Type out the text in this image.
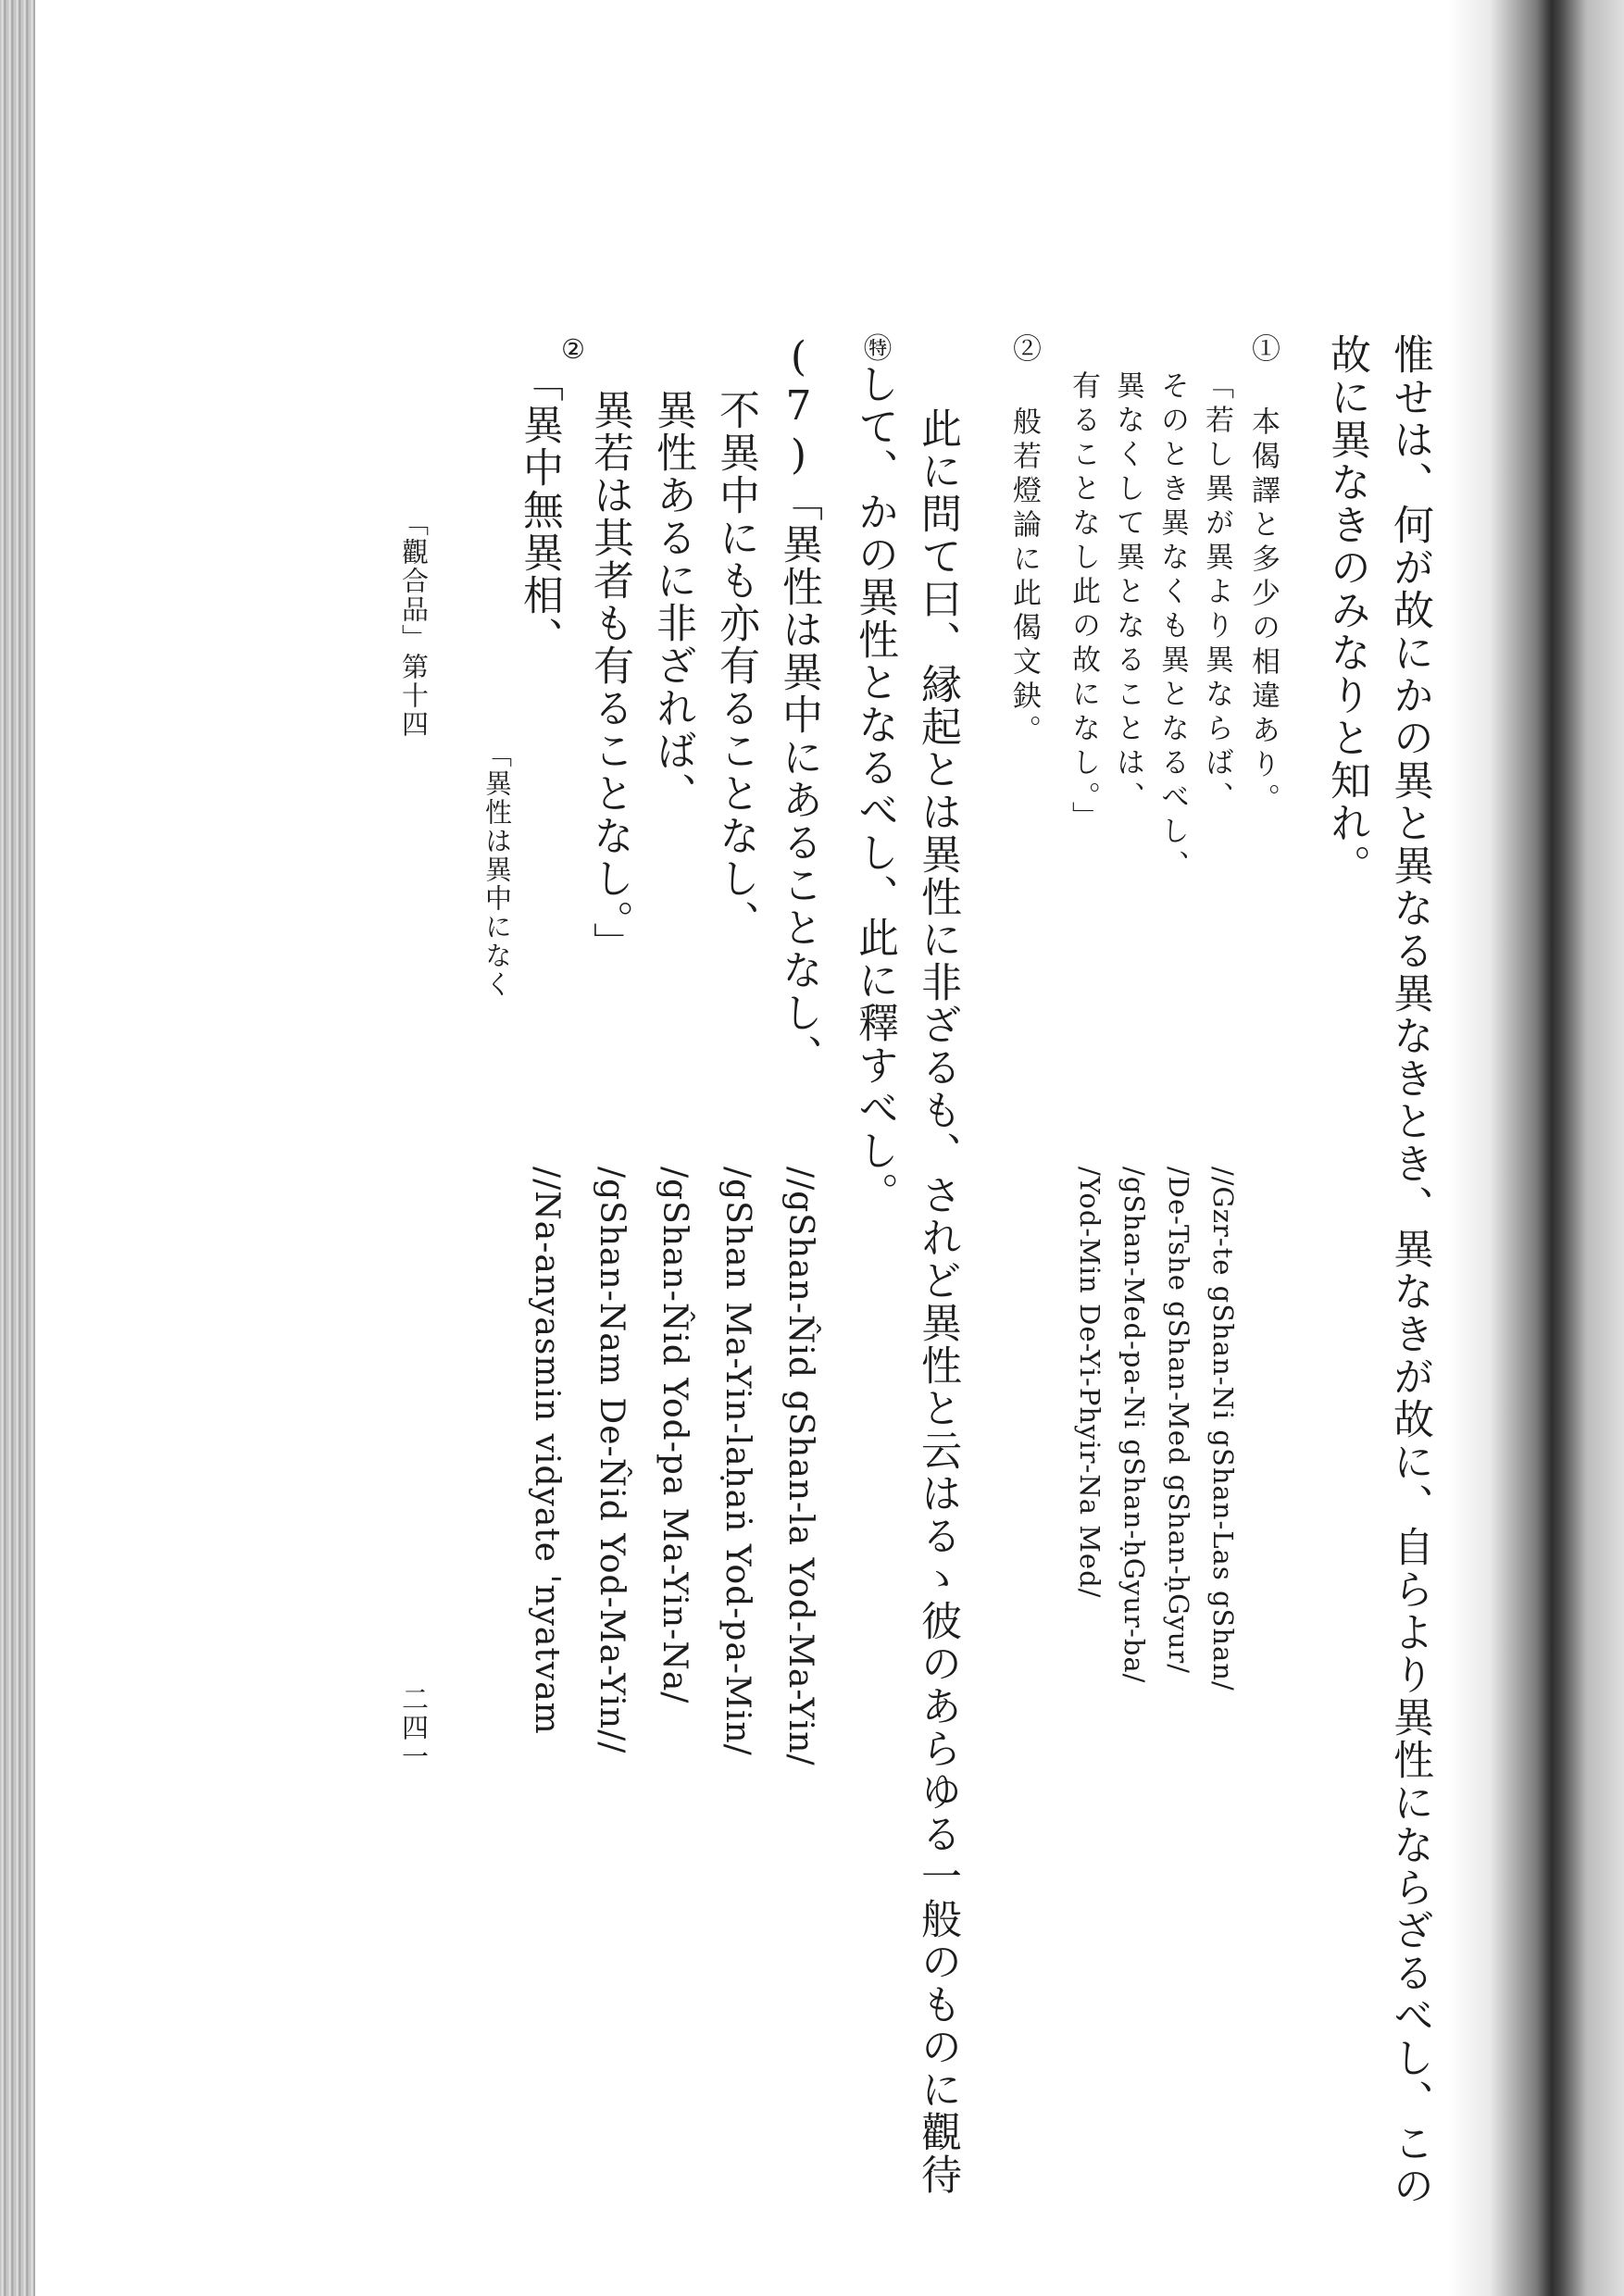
惟せは、何が故にかの異と異なる異なきとき、異なきが故に、自らより異性にならざるべし、この
故に異なきのみなりと知れ。
① 本偈譯と多少の相違あり。
「若し異が異より異ならば、
そのとき異なくも異となるべし、
異なくして異となることは、
有ることなし此の故になし。」
② 般若燈論に此偈文鈌。
此に問て曰、縁起とは異性に非ざるも、されど異性と云はるゝ彼のあらゆる一般のものに觀待
㊕して、かの異性となるべし、此に釋すべし。
(7)「異性は異中にあることなし、
不異中にも亦有ることなし、
異性あるに非ざれば、
異若は其者も有ることなし。」
「異中無異相、
②
「異性は異中になく
「觀合品」第十四
//Gzr-te gShan-Ni gShan-Las gShan/
/De-Tshe gShan-Med gShan-ḥGyur/
/gShan-Med-pa-Ni gShan-ḥGyur-ba/
/Yod-Min De-Yi-Phyir-Na Med/
//gShan-N̂id gShan-la Yod-Ma-Yin/
/gShan Ma-Yin-laḥaṅ Yod-pa-Min/
/gShan-N̂id Yod-pa Ma-Yin-Na/
/gShan-Nam De-N̂id Yod-Ma-Yin//
//Na-anyasmin vidyate 'nyatvam
二四一
